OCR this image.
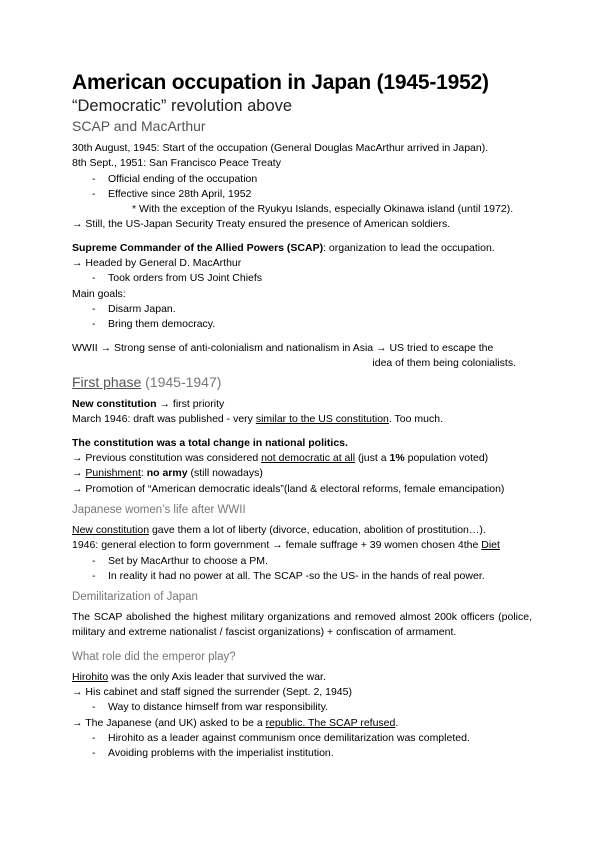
American occupation in Japan (1945-1952)
“Democratic” revolution above
SCAP and MacArthur
30th August, 1945: Start of the occupation (General Douglas MacArthur arrived in Japan).
8th Sept., 1951: San Francisco Peace Treaty
- Official ending of the occupation
- Effective since 28th April, 1952
* With the exception of the Ryukyu Islands, especially Okinawa island (until 1972).
→ Still, the US-Japan Security Treaty ensured the presence of American soldiers.
Supreme Commander of the Allied Powers (SCAP): organization to lead the occupation.
→ Headed by General D. MacArthur
- Took orders from US Joint Chiefs
Main goals:
- Disarm Japan.
- Bring them democracy.
WWII → Strong sense of anti-colonialism and nationalism in Asia → US tried to escape the
idea of them being colonialists.
First phase (1945-1947)
New constitution → first priority
March 1946: draft was published - very similar to the US constitution. Too much.
The constitution was a total change in national politics.
→ Previous constitution was considered not democratic at all (just a 1% population voted)
→ Punishment: no army (still nowadays)
→ Promotion of “American democratic ideals”(land & electoral reforms, female emancipation)
Japanese women’s life after WWII
New constitution gave them a lot of liberty (divorce, education, abolition of prostitution…).
1946: general election to form government → female suffrage + 39 women chosen 4the Diet
- Set by MacArthur to choose a PM.
- In reality it had no power at all. The SCAP -so the US- in the hands of real power.
Demilitarization of Japan
The SCAP abolished the highest military organizations and removed almost 200k officers (police, military and extreme nationalist / fascist organizations) + confiscation of armament.
What role did the emperor play?
Hirohito was the only Axis leader that survived the war.
→ His cabinet and staff signed the surrender (Sept. 2, 1945)
- Way to distance himself from war responsibility.
→ The Japanese (and UK) asked to be a republic. The SCAP refused.
- Hirohito as a leader against communism once demilitarization was completed.
- Avoiding problems with the imperialist institution.
